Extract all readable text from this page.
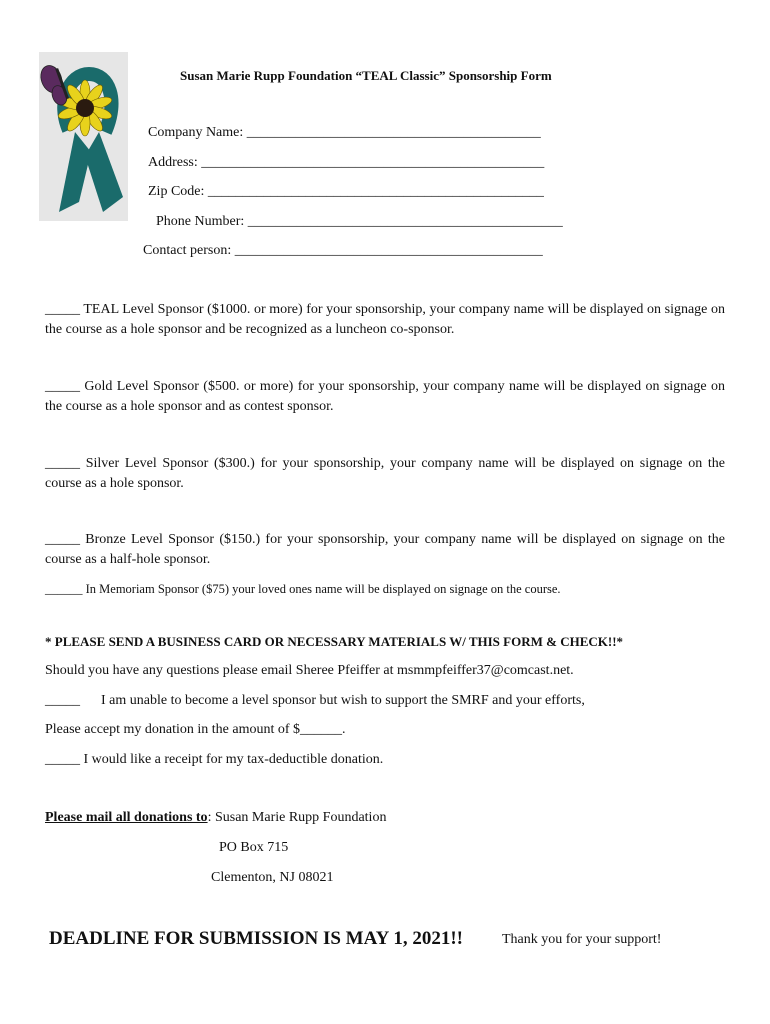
Susan Marie Rupp Foundation “TEAL Classic” Sponsorship Form
Company Name: __________________________________________
Address: _________________________________________________
Zip Code: ________________________________________________
Phone Number: _____________________________________________
Contact person: ____________________________________________
_____ TEAL Level Sponsor ($1000. or more) for your sponsorship, your company name will be displayed on signage on the course as a hole sponsor and be recognized as a luncheon co-sponsor.
_____ Gold Level Sponsor ($500. or more) for your sponsorship, your company name will be displayed on signage on the course as a hole sponsor and as contest sponsor.
_____ Silver Level Sponsor ($300.) for your sponsorship, your company name will be displayed on signage on the course as a hole sponsor.
_____ Bronze Level Sponsor ($150.) for your sponsorship, your company name will be displayed on signage on the course as a half-hole sponsor.
______ In Memoriam Sponsor ($75) your loved ones name will be displayed on signage on the course.
* PLEASE SEND A BUSINESS CARD OR NECESSARY MATERIALS W/ THIS FORM & CHECK!!*
Should you have any questions please email Sheree Pfeiffer at msmmpfeiffer37@comcast.net.
_____ I am unable to become a level sponsor but wish to support the SMRF and your efforts,
Please accept my donation in the amount of $______.
_____ I would like a receipt for my tax-deductible donation.
Please mail all donations to: Susan Marie Rupp Foundation
PO Box 715
Clementon, NJ 08021
DEADLINE FOR SUBMISSION IS MAY 1, 2021!!	Thank you for your support!
